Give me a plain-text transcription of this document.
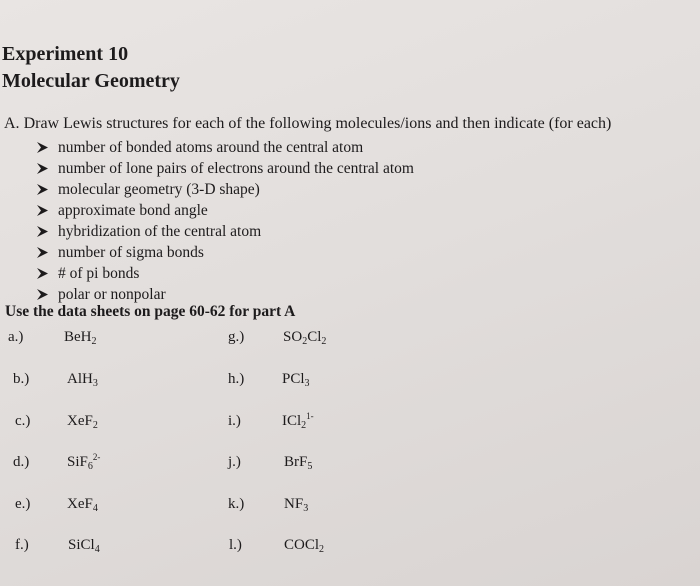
Experiment 10
Molecular Geometry
A. Draw Lewis structures for each of the following molecules/ions and then indicate (for each)
number of bonded atoms around the central atom
number of lone pairs of electrons around the central atom
molecular geometry (3-D shape)
approximate bond angle
hybridization of the central atom
number of sigma bonds
# of pi bonds
polar or nonpolar
Use the data sheets on page 60-62 for part A
a.)	BeH$_2$
b.)	AlH$_3$
c.) XeF$_2$
d.)	SiF$_6^{2-}$
e.) XeF$_4$
f.)	SiCl$_4$
g.)	$SO_2Cl_2$
h.)	PCl$_3$
i.)	ICl$_2^{1-}$
j.)	BrF$_5$
k.)	$NF_3$
l.)	COCl$_2$
